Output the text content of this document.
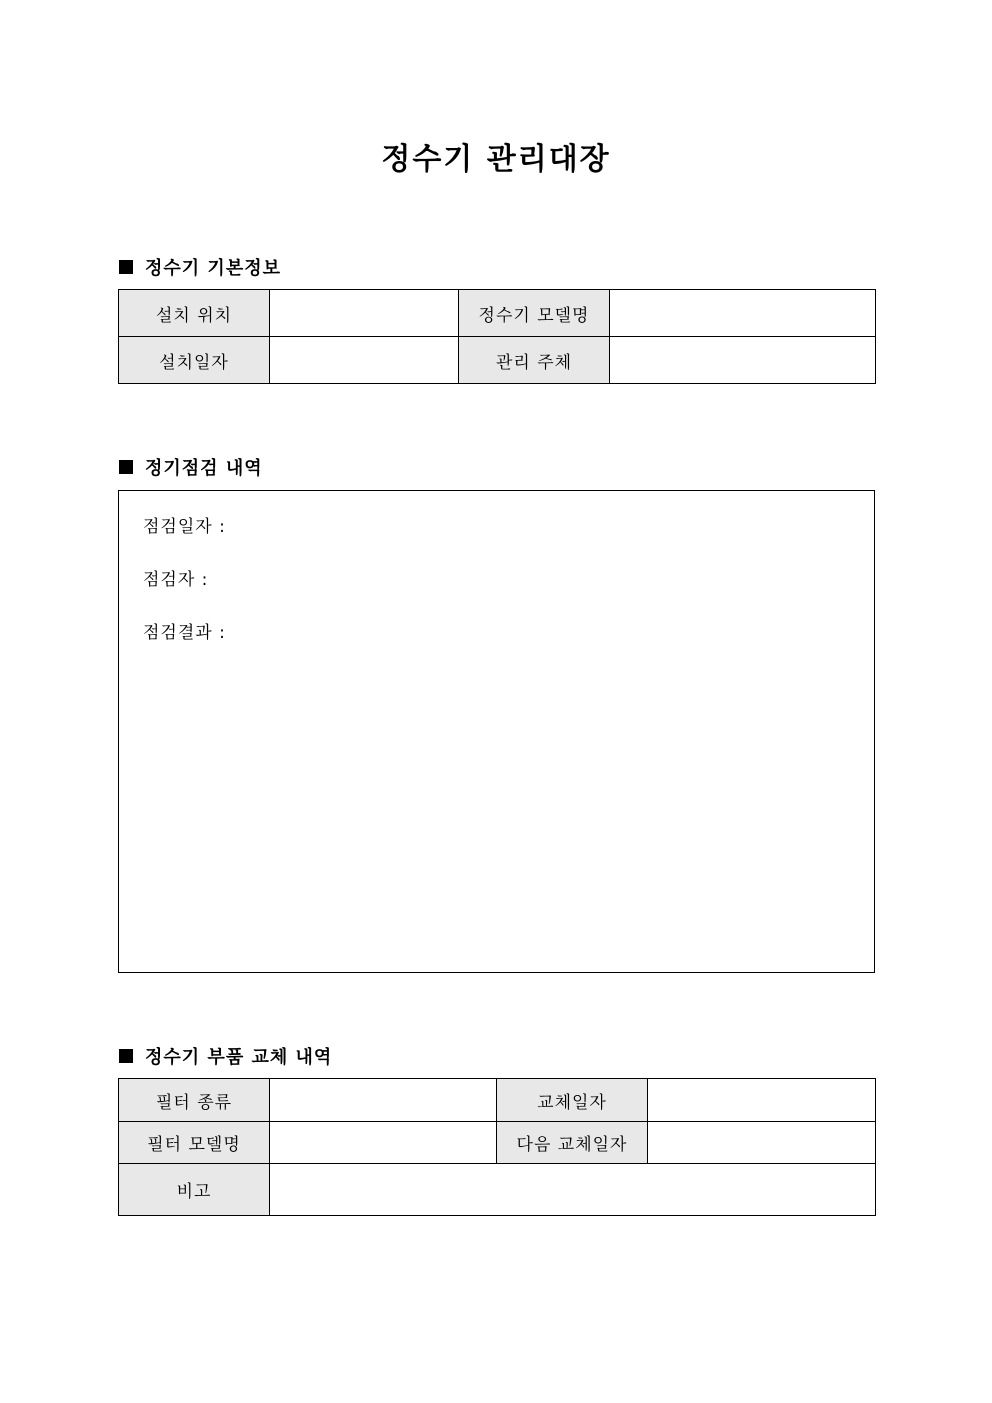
정수기 관리대장
정수기 기본정보
설치 위치		정수기 모델명	
설치일자		관리 주체	
정기점검 내역
점검일자 :
점검자 :
점검결과 :
정수기 부품 교체 내역
필터 종류		교체일자	
필터 모델명		다음 교체일자	
비고			
